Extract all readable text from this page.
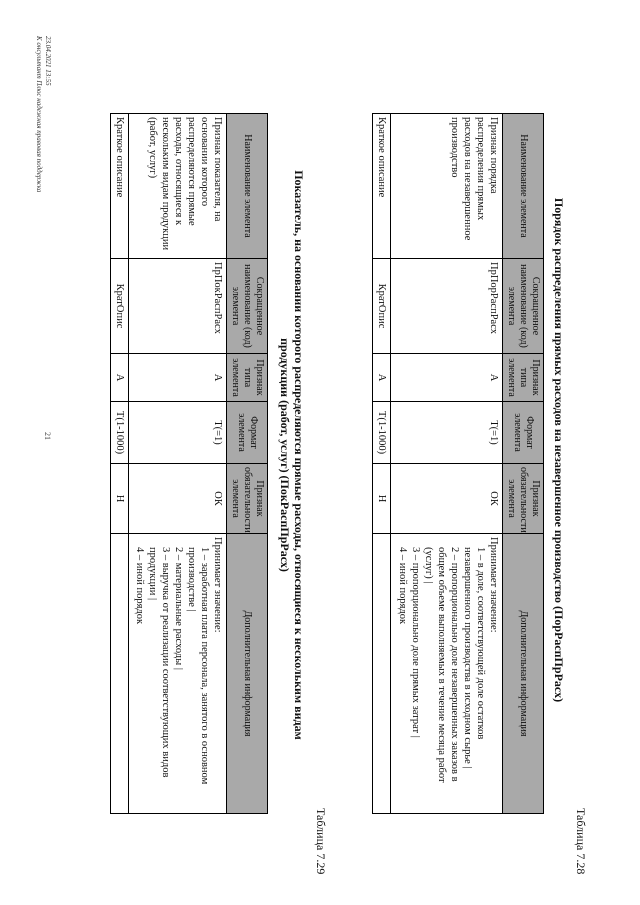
21
Таблица 7.28
Порядок распределения прямых расходов на незавершенное производство (ПорРаспПрРасх)
Наименование элемента	Сокращенное наименование (код) элемента	Признак типа элемента	Формат элемента	Признак обязательности элемента	Дополнительная информация
Признак порядка распределения прямых расходов на незавершенное производство	ПрПорРаспРасх	А	Т(=1)	ОК	Принимает значение:
1 – в доле, соответствующей доле остатков незавершенного производства в исходном сырье |
2 – пропорционально доле незавершенных заказов в общем объеме выполняемых в течение месяца работ (услуг) |
3 – пропорционально доле прямых затрат |
4 – иной порядок

Краткое описание	КратОпис	А	Т(1-1000)	Н	
Таблица 7.29
Показатель, на основании которого распределяются прямые расходы, относящиеся к нескольким видам продукции (работ, услуг) (ПокРаспПрРасх)
Наименование элемента	Сокращенное наименование (код) элемента	Признак типа элемента	Формат элемента	Признак обязательности элемента	Дополнительная информация
Признак показателя, на основании которого распределяются прямые расходы, относящиеся к нескольким видам продукции (работ, услуг)	ПрПокРаспРасх	А	Т(=1)	ОК	Принимает значение:
1 – заработная плата персонала, занятого в основном производстве |
2 – материальные расходы |
3 – выручка от реализации соответствующих видов продукции |
4 – иной порядок

Краткое описание	КратОпис	А	Т(1-1000)	Н	
23.04.2021 13:55
К онсультант Плюс надежная правовая поддержка
